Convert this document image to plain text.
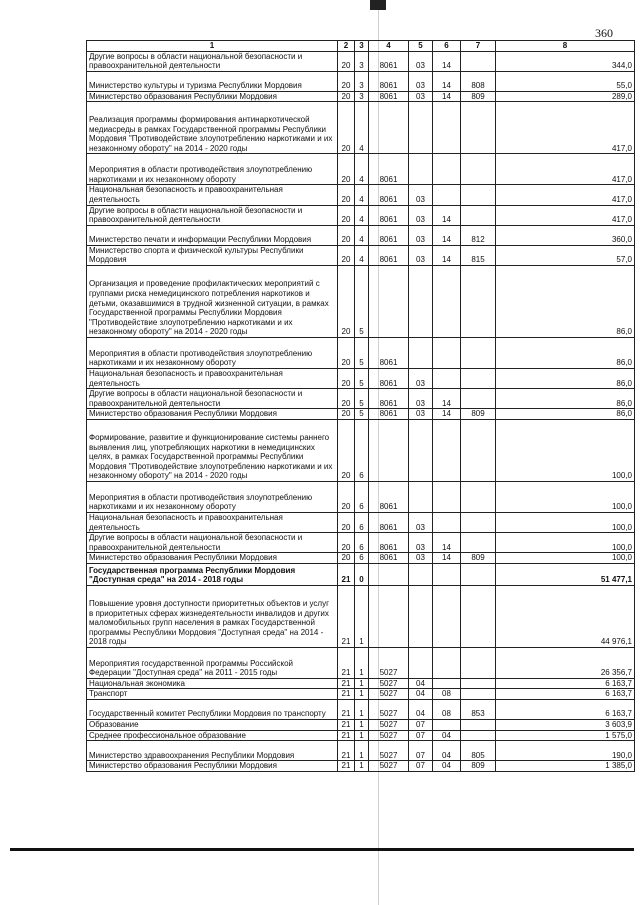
360
1	2	3	4	5	6	7	8
Другие вопросы в области национальной безопасности и правоохранительной деятельности	20	3	8061	03	14		344,0
Министерство культуры и туризма Республики Мордовия	20	3	8061	03	14	808	55,0
Министерство образования Республики Мордовия	20	3	8061	03	14	809	289,0
Реализация программы формирования антинаркотической медиасреды в рамках Государственной программы Республики Мордовия "Противодействие злоупотреблению наркотиками и их незаконному обороту" на 2014 - 2020 годы	20	4					417,0
Мероприятия в области противодействия злоупотреблению наркотиками и их незаконному обороту	20	4	8061				417,0
Национальная безопасность и правоохранительная деятельность	20	4	8061	03			417,0
Другие вопросы в области национальной безопасности и правоохранительной деятельности	20	4	8061	03	14		417,0
Министерство печати и информации Республики Мордовия	20	4	8061	03	14	812	360,0
Министерство спорта и физической культуры Республики Мордовия	20	4	8061	03	14	815	57,0
Организация и проведение профилактических мероприятий с группами риска немедицинского потребления наркотиков и детьми, оказавшимися в трудной жизненной ситуации, в рамках Государственной программы Республики Мордовия "Противодействие злоупотреблению наркотиками и их незаконному обороту" на 2014 - 2020 годы	20	5					86,0
Мероприятия в области противодействия злоупотреблению наркотиками и их незаконному обороту	20	5	8061				86,0
Национальная безопасность и правоохранительная деятельность	20	5	8061	03			86,0
Другие вопросы в области национальной безопасности и правоохранительной деятельности	20	5	8061	03	14		86,0
Министерство образования Республики Мордовия	20	5	8061	03	14	809	86,0
Формирование, развитие и функционирование системы раннего выявления лиц, употребляющих наркотики в немедицинских целях, в рамках Государственной программы Республики Мордовия "Противодействие злоупотреблению наркотиками и их незаконному обороту" на 2014 - 2020 годы	20	6					100,0
Мероприятия в области противодействия злоупотреблению наркотиками и их незаконному обороту	20	6	8061				100,0
Национальная безопасность и правоохранительная деятельность	20	6	8061	03			100,0
Другие вопросы в области национальной безопасности и правоохранительной деятельности	20	6	8061	03	14		100,0
Министерство образования Республики Мордовия	20	6	8061	03	14	809	100,0
Государственная программа Республики Мордовия "Доступная среда" на 2014 - 2018 годы	21	0					51 477,1
Повышение уровня доступности приоритетных объектов и услуг в приоритетных сферах жизнедеятельности инвалидов и других маломобильных групп населения в рамках Государственной программы Республики Мордовия "Доступная среда" на 2014 - 2018 годы	21	1					44 976,1
Мероприятия государственной программы Российской Федерации "Доступная среда" на 2011 - 2015 годы	21	1	5027				26 356,7
Национальная экономика	21	1	5027	04			6 163,7
Транспорт	21	1	5027	04	08		6 163,7
Государственный комитет Республики Мордовия по транспорту	21	1	5027	04	08	853	6 163,7
Образование	21	1	5027	07			3 603,9
Среднее профессиональное образование	21	1	5027	07	04		1 575,0
Министерство здравоохранения Республики Мордовия	21	1	5027	07	04	805	190,0
Министерство образования Республики Мордовия	21	1	5027	07	04	809	1 385,0
